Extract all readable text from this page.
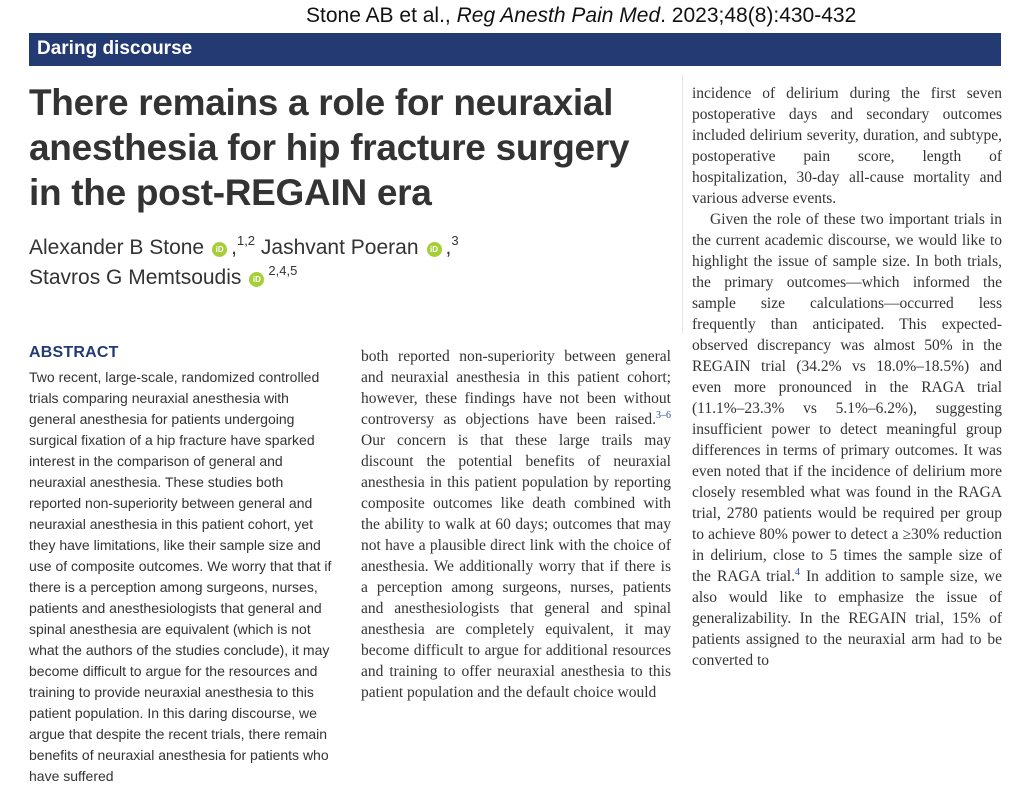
Stone AB et al., Reg Anesth Pain Med. 2023;48(8):430-432
Daring discourse
There remains a role for neuraxial anesthesia for hip fracture surgery in the post-REGAIN era
Alexander B Stone iD ,$^{1,2}$ Jashvant Poeran iD ,$^3$
Stavros G Memtsoudis iD$^{2,4,5}$
ABSTRACT

Two recent, large-scale, randomized controlled trials comparing neuraxial anesthesia with general anesthesia for patients undergoing surgical fixation of a hip fracture have sparked interest in the comparison of general and neuraxial anesthesia. These studies both reported non-superiority between general and neuraxial anesthesia in this patient cohort, yet they have limitations, like their sample size and use of composite outcomes. We worry that that if there is a perception among surgeons, nurses, patients and anesthesiologists that general and spinal anesthesia are equivalent (which is not what the authors of the studies conclude), it may become difficult to argue for the resources and training to provide neuraxial anesthesia to this patient population. In this daring discourse, we argue that despite the recent trials, there remain benefits of neuraxial anesthesia for patients who have suffered

both reported non-superiority between general and neuraxial anesthesia in this patient cohort; however, these findings have not been without controversy as objections have been raised.$^{3-6}$ Our concern is that these large trails may discount the potential benefits of neuraxial anesthesia in this patient population by reporting composite outcomes like death combined with the ability to walk at 60 days; outcomes that may not have a plausible direct link with the choice of anesthesia. We additionally worry that if there is a perception among surgeons, nurses, patients and anesthesiologists that general and spinal anesthesia are completely equivalent, it may become difficult to argue for additional resources and training to offer neuraxial anesthesia to this patient population and the default choice would

incidence of delirium during the first seven postoperative days and secondary outcomes included delirium severity, duration, and subtype, postoperative pain score, length of hospitalization, 30-day all-cause mortality and various adverse events.

Given the role of these two important trials in the current academic discourse, we would like to highlight the issue of sample size. In both trials, the primary outcomes—which informed the sample size calculations—occurred less frequently than anticipated. This expected-observed discrepancy was almost 50% in the REGAIN trial (34.2% vs 18.0%–18.5%) and even more pronounced in the RAGA trial (11.1%–23.3% vs 5.1%–6.2%), suggesting insufficient power to detect meaningful group differences in terms of primary outcomes. It was even noted that if the incidence of delirium more closely resembled what was found in the RAGA trial, 2780 patients would be required per group to achieve 80% power to detect a ≥30% reduction in delirium, close to 5 times the sample size of the RAGA trial.$^4$ In addition to sample size, we also would like to emphasize the issue of generalizability. In the REGAIN trial, 15% of patients assigned to the neuraxial arm had to be converted to
